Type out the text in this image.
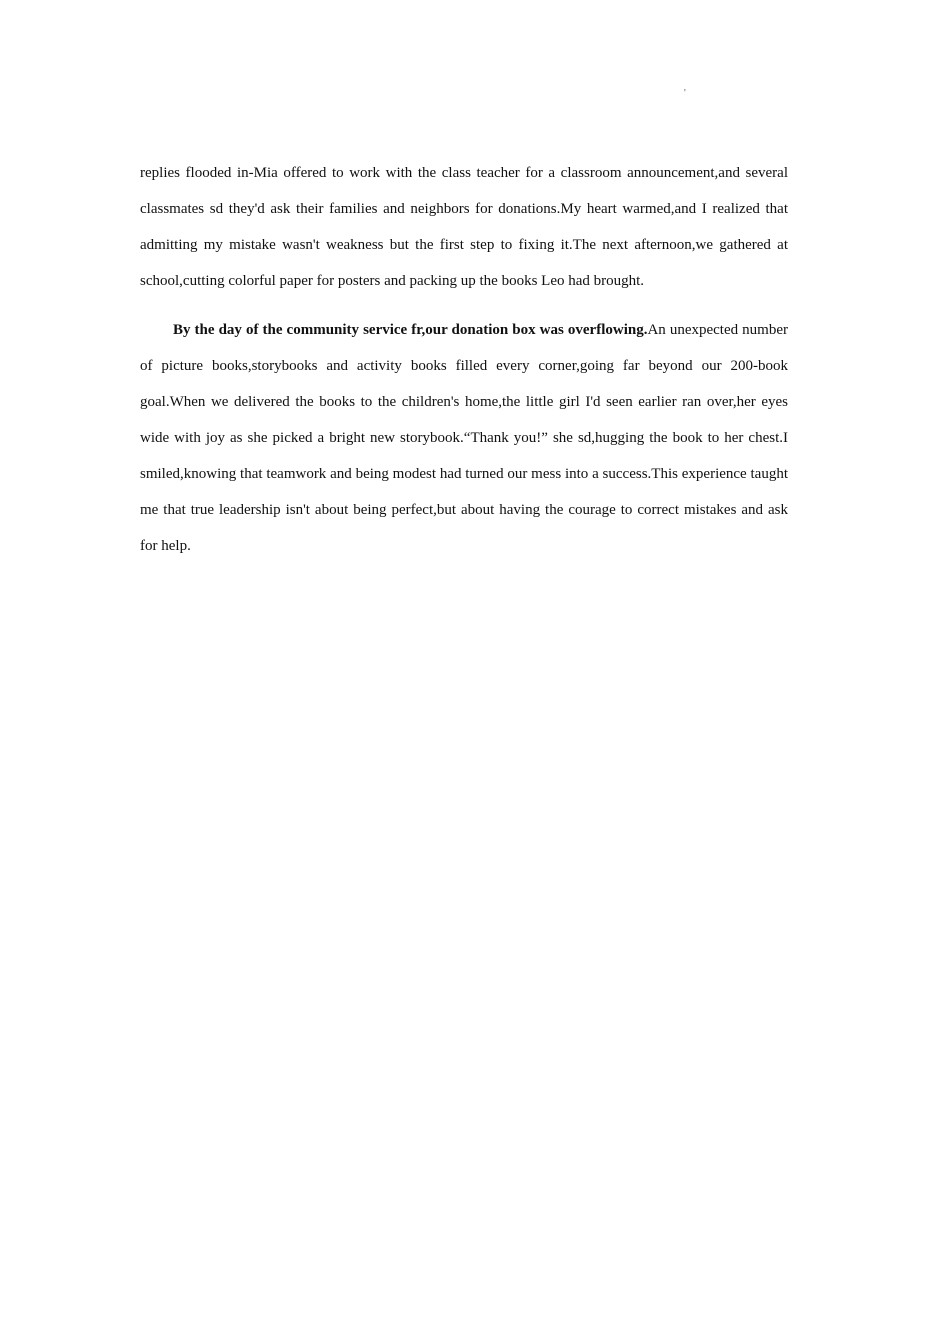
'

replies flooded in-Mia offered to work with the class teacher for a classroom announcement,and several classmates sd they'd ask their families and neighbors for donations.My heart warmed,and I realized that admitting my mistake wasn't weakness but the first step to fixing it.The next afternoon,we gathered at school,cutting colorful paper for posters and packing up the books Leo had brought.

By the day of the community service fr,our donation box was overflowing.An unexpected number of picture books,storybooks and activity books filled every corner,going far beyond our 200-book goal.When we delivered the books to the children's home,the little girl I'd seen earlier ran over,her eyes wide with joy as she picked a bright new storybook.“Thank you!” she sd,hugging the book to her chest.I smiled,knowing that teamwork and being modest had turned our mess into a success.This experience taught me that true leadership isn't about being perfect,but about having the courage to correct mistakes and ask for help.
